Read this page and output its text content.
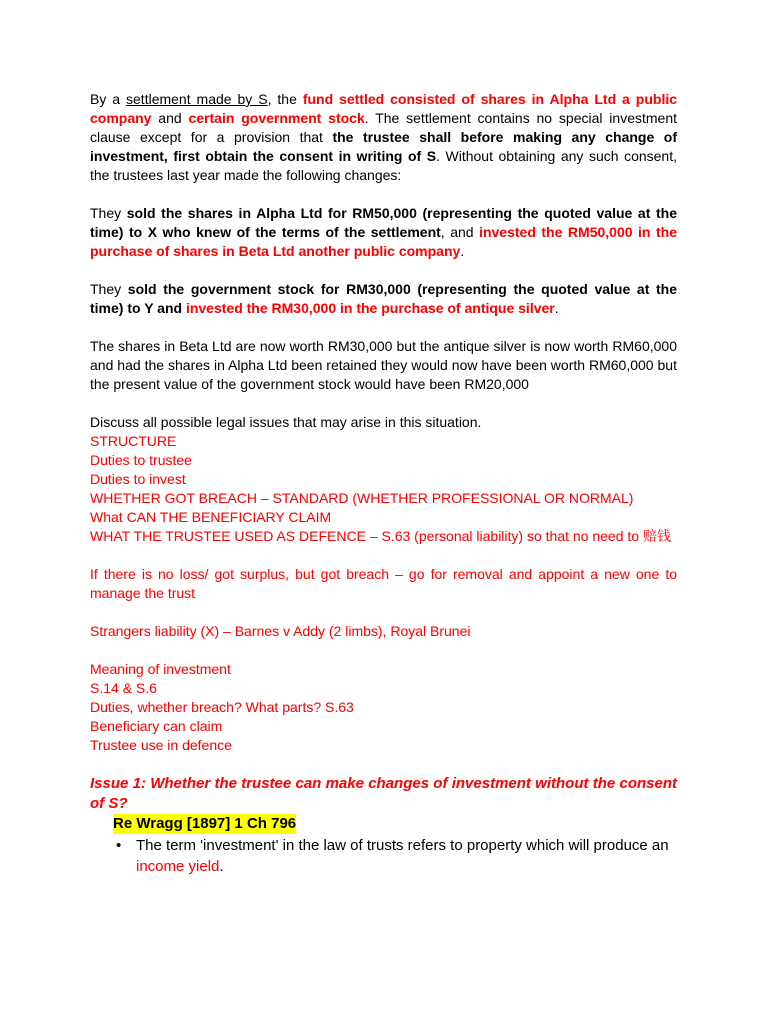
By a settlement made by S, the fund settled consisted of shares in Alpha Ltd a public company and certain government stock. The settlement contains no special investment clause except for a provision that the trustee shall before making any change of investment, first obtain the consent in writing of S. Without obtaining any such consent, the trustees last year made the following changes:

They sold the shares in Alpha Ltd for RM50,000 (representing the quoted value at the time) to X who knew of the terms of the settlement, and invested the RM50,000 in the purchase of shares in Beta Ltd another public company.

They sold the government stock for RM30,000 (representing the quoted value at the time) to Y and invested the RM30,000 in the purchase of antique silver.

The shares in Beta Ltd are now worth RM30,000 but the antique silver is now worth RM60,000 and had the shares in Alpha Ltd been retained they would now have been worth RM60,000 but the present value of the government stock would have been RM20,000

Discuss all possible legal issues that may arise in this situation.

STRUCTURE

Duties to trustee

Duties to invest

WHETHER GOT BREACH – STANDARD (WHETHER PROFESSIONAL OR NORMAL)

What CAN THE BENEFICIARY CLAIM

WHAT THE TRUSTEE USED AS DEFENCE – S.63 (personal liability) so that no need to 赔钱

If there is no loss/ got surplus, but got breach – go for removal and appoint a new one to manage the trust

Strangers liability (X) – Barnes v Addy (2 limbs), Royal Brunei

Meaning of investment

S.14 & S.6

Duties, whether breach? What parts? S.63

Beneficiary can claim

Trustee use in defence

Issue 1: Whether the trustee can make changes of investment without the consent of S?

Re Wragg [1897] 1 Ch 796
• The term 'investment' in the law of trusts refers to property which will produce an income yield.
